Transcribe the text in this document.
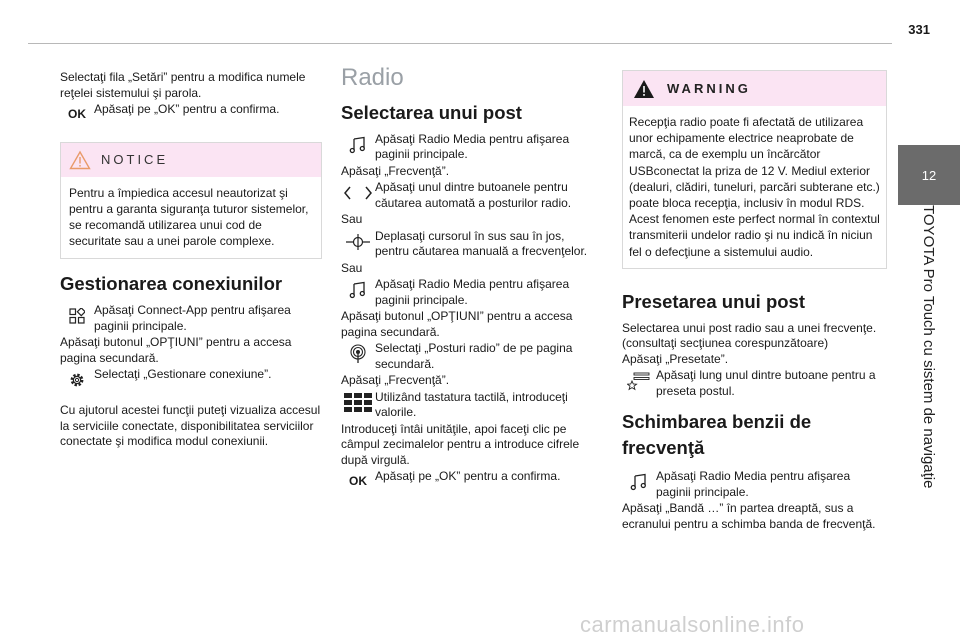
331
12
TOYOTA Pro Touch cu sistem de navigaţie

Selectaţi fila „Setări” pentru a modifica numele reţelei sistemului şi parola.

OK Apăsaţi pe „OK” pentru a confirma.
NOTICE
Pentru a împiedica accesul neautorizat şi pentru a garanta siguranţa tuturor sistemelor, se recomandă utilizarea unui cod de securitate sau a unei parole complexe.
Gestionarea conexiunilor
Apăsaţi Connect-App pentru afişarea paginii principale.

Apăsaţi butonul „OPŢIUNI” pentru a accesa pagina secundară.

Selectaţi „Gestionare conexiune”.

Cu ajutorul acestei funcţii puteţi vizualiza accesul la serviciile conectate, disponibilitatea serviciilor conectate şi modifica modul conexiunii.

Radio
Selectarea unui post
Apăsaţi Radio Media pentru afişarea paginii principale.

Apăsaţi „Frecvenţă”.

Apăsaţi unul dintre butoanele pentru căutarea automată a posturilor radio.

Sau

Deplasaţi cursorul în sus sau în jos, pentru căutarea manuală a frecvenţelor.

Sau

Apăsaţi Radio Media pentru afişarea paginii principale.

Apăsaţi butonul „OPŢIUNI” pentru a accesa pagina secundară.

Selectaţi „Posturi radio” de pe pagina secundară.

Apăsaţi „Frecvenţă”.

Utilizând tastatura tactilă, introduceţi valorile.

Introduceţi întâi unităţile, apoi faceţi clic pe câmpul zecimalelor pentru a introduce cifrele după virgulă.

OK Apăsaţi pe „OK” pentru a confirma.
WARNING
Recepţia radio poate fi afectată de utilizarea unor echipamente electrice neaprobate de marcă, ca de exemplu un încărcător USBconectat la priza de 12 V. Mediul exterior (dealuri, clădiri, tuneluri, parcări subterane etc.) poate bloca recepţia, inclusiv în modul RDS. Acest fenomen este perfect normal în contextul transmiterii undelor radio şi nu indică în niciun fel o defecţiune a sistemului audio.
Presetarea unui post

Selectarea unui post radio sau a unei frecvenţe. (consultaţi secţiunea corespunzătoare)

Apăsaţi „Presetate”.

Apăsaţi lung unul dintre butoane pentru a preseta postul.
Schimbarea benzii de frecvenţă
Apăsaţi Radio Media pentru afişarea paginii principale.

Apăsaţi „Bandă …” în partea dreaptă, sus a ecranului pentru a schimba banda de frecvenţă.

carmanualsonline.info
